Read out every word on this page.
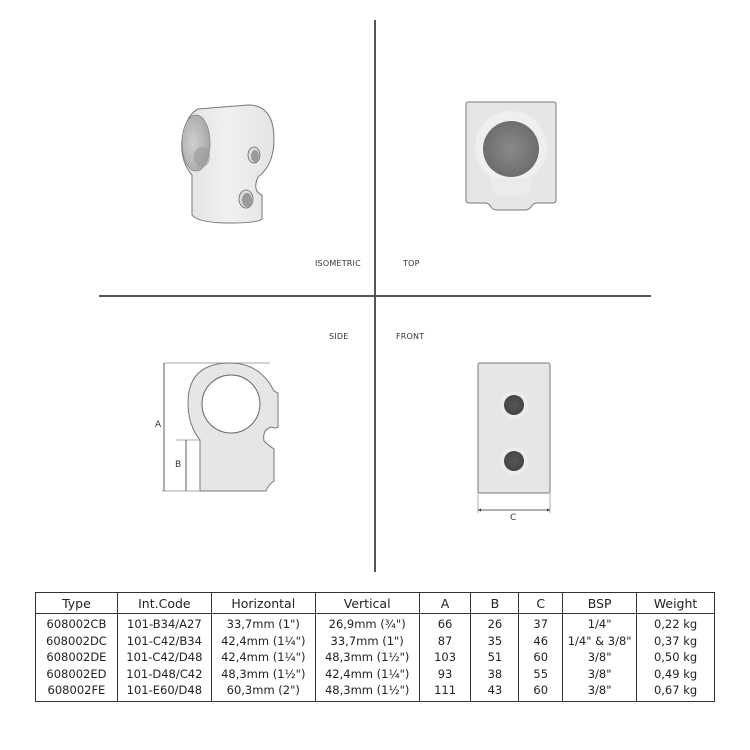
ISOMETRIC	TOP
SIDE
A
B
FRONT
C
Type	Int.Code	Horizontal	Vertical	A	B	C	BSP	Weight
608002CB	101-B34/A27	33,7mm (1")	26,9mm (¾")	66	26	37	1/4"	0,22 kg
608002DC	101-C42/B34	42,4mm (1¼")	33,7mm (1")	87	35	46	1/4" & 3/8"	0,37 kg
608002DE	101-C42/D48	42,4mm (1¼")	48,3mm (1½")	103	51	60	3/8"	0,50 kg
608002ED	101-D48/C42	48,3mm (1½")	42,4mm (1¼")	93	38	55	3/8"	0,49 kg
608002FE	101-E60/D48	60,3mm (2")	48,3mm (1½")	111	43	60	3/8"	0,67 kg
